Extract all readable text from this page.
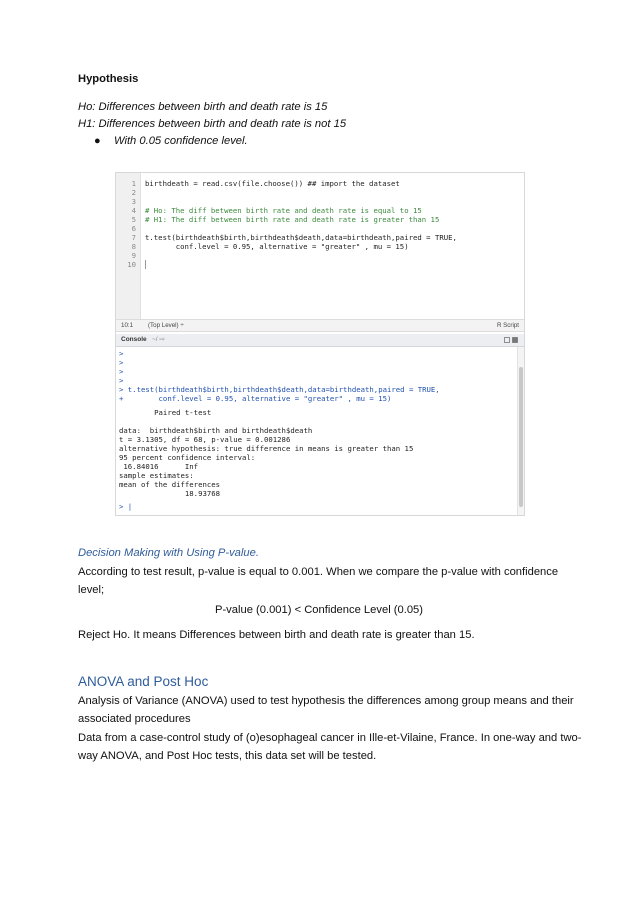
Hypothesis
Ho: Differences between birth and death rate is 15
H1: Differences between birth and death rate is not 15
● With 0.05 confidence level.
1
2
3
4
5
6
7
8
9
10
birthdeath = read.csv(file.choose()) ## import the dataset
# Ho: The diff between birth rate and death rate is equal to 15
# H1: The diff between birth rate and death rate is greater than 15
t.test(birthdeath$birth,birthdeath$death,data=birthdeath,paired = TRUE,
conf.level = 0.95, alternative = "greater" , mu = 15)
10:1 (Top Level) ÷	R Script
Console ~/ ⇨
>
>
>
>
> t.test(birthdeath$birth,birthdeath$death,data=birthdeath,paired = TRUE,
+        conf.level = 0.95, alternative = "greater" , mu = 15)
Paired t-test
data:  birthdeath$birth and birthdeath$death
t = 3.1305, df = 68, p-value = 0.001286
alternative hypothesis: true difference in means is greater than 15
95 percent confidence interval:
16.84016      Inf
sample estimates:
mean of the differences
18.93768
> |
Decision Making with Using P-value.
According to test result, p-value is equal to 0.001. When we compare the p-value with confidence
level;
P-value (0.001) < Confidence Level (0.05)
Reject Ho. It means Differences between birth and death rate is greater than 15.
ANOVA and Post Hoc
Analysis of Variance (ANOVA) used to test hypothesis the differences among group means and their
associated procedures
Data from a case-control study of (o)esophageal cancer in Ille-et-Vilaine, France. In one-way and two-
way ANOVA, and Post Hoc tests, this data set will be tested.
